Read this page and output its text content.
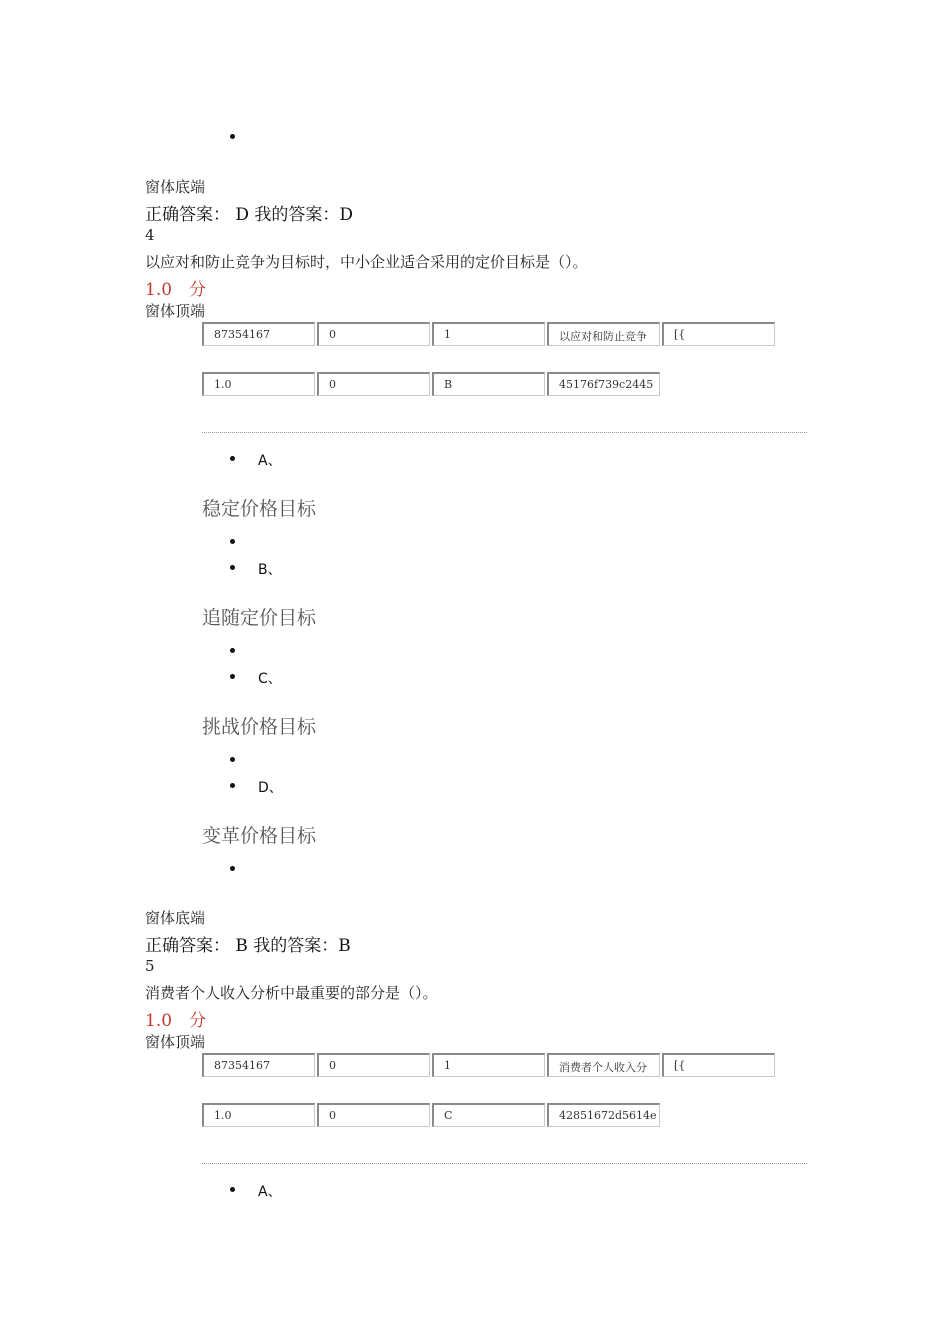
窗体底端
正确答案： D 我的答案：D
4
以应对和防止竞争为目标时，中小企业适合采用的定价目标是（）。
1.0　分
窗体顶端
87354167	0	1	以应对和防止竞争	[{
1.0	0	B	45176f739c2445
A、
稳定价格目标
B、
追随定价目标
C、
挑战价格目标
D、
变革价格目标
窗体底端
正确答案： B 我的答案：B
5
消费者个人收入分析中最重要的部分是（）。
1.0　分
窗体顶端
87354167	0	1	消费者个人收入分	[{
1.0	0	C	42851672d5614e
A、
